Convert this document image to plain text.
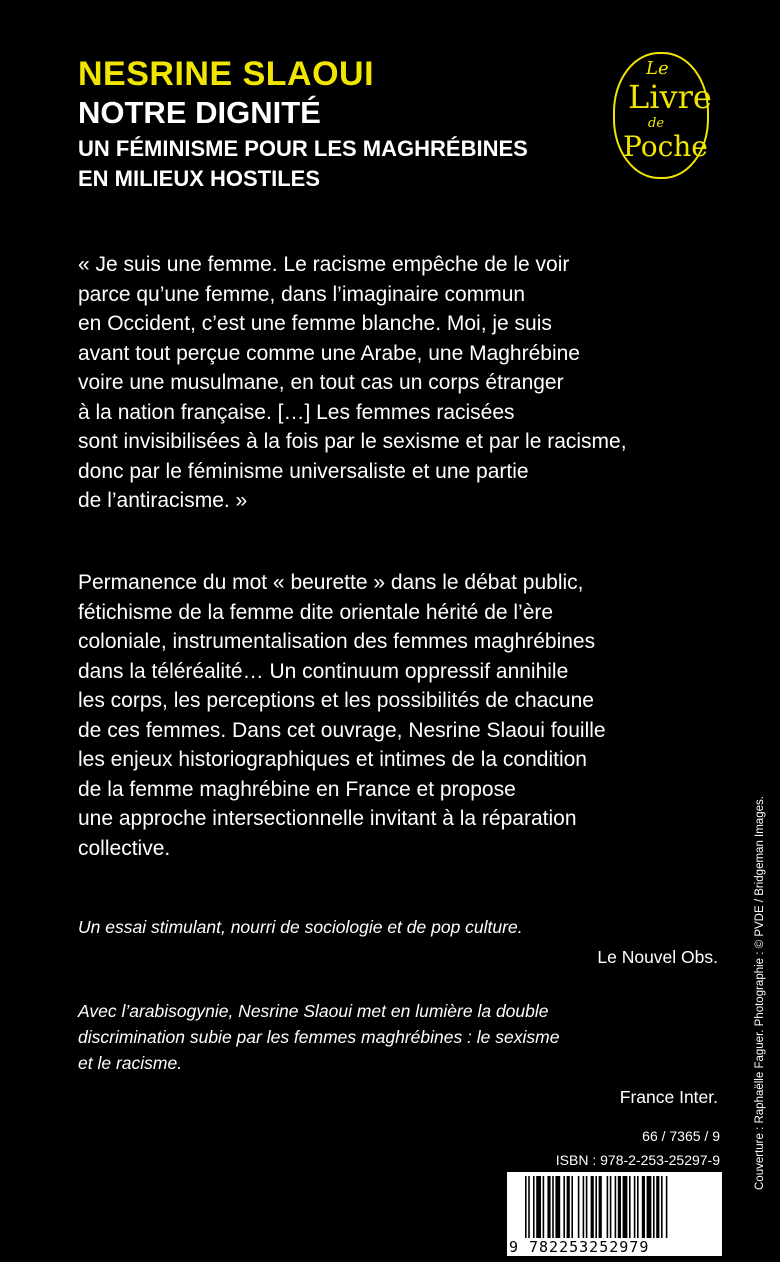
NESRINE SLAOUI
NOTRE DIGNITÉ
UN FÉMINISME POUR LES MAGHRÉBINES
EN MILIEUX HOSTILES
Le
Livre
de
Poche
« Je suis une femme. Le racisme empêche de le voir
parce qu’une femme, dans l’imaginaire commun
en Occident, c’est une femme blanche. Moi, je suis
avant tout perçue comme une Arabe, une Maghrébine
voire une musulmane, en tout cas un corps étranger
à la nation française. […] Les femmes racisées
sont invisibilisées à la fois par le sexisme et par le racisme,
donc par le féminisme universaliste et une partie
de l’antiracisme. »
Permanence du mot « beurette » dans le débat public,
fétichisme de la femme dite orientale hérité de l’ère
coloniale, instrumentalisation des femmes maghrébines
dans la téléréalité… Un continuum oppressif annihile
les corps, les perceptions et les possibilités de chacune
de ces femmes. Dans cet ouvrage, Nesrine Slaoui fouille
les enjeux historiographiques et intimes de la condition
de la femme maghrébine en France et propose
une approche intersectionnelle invitant à la réparation
collective.
Un essai stimulant, nourri de sociologie et de pop culture.
Le Nouvel Obs.
Avec l’arabisogynie, Nesrine Slaoui met en lumière la double
discrimination subie par les femmes maghrébines : le sexisme
et le racisme.
France Inter.
66 / 7365 / 9
ISBN : 978-2-253-25297-9
9 782253252979
Couverture : Raphaëlle Faguer. Photographie : © PVDE / Bridgeman Images.
